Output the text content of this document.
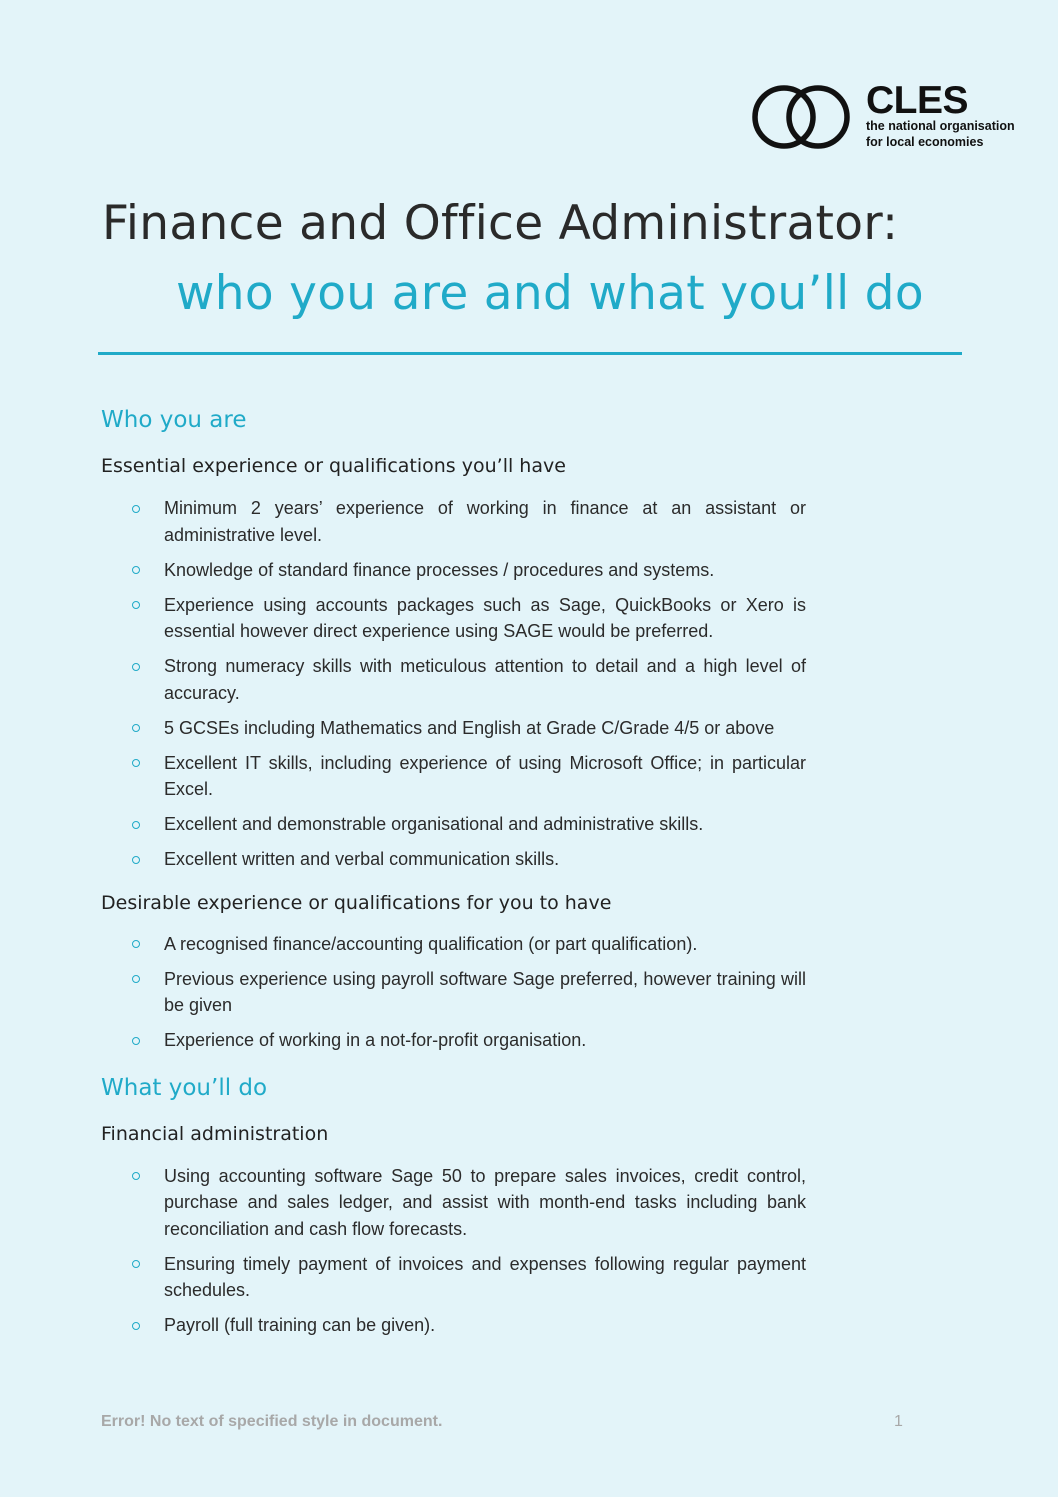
CLES
the national organisation
for local economies
Finance and Office Administrator:
who you are and what you’ll do
Who you are
Essential experience or qualifications you’ll have
Minimum 2 years’ experience of working in finance at an assistant or administrative level.
Knowledge of standard finance processes / procedures and systems.
Experience using accounts packages such as Sage, QuickBooks or Xero is essential however direct experience using SAGE would be preferred.
Strong numeracy skills with meticulous attention to detail and a high level of accuracy.
5 GCSEs including Mathematics and English at Grade C/Grade 4/5 or above
Excellent IT skills, including experience of using Microsoft Office; in particular Excel.
Excellent and demonstrable organisational and administrative skills.
Excellent written and verbal communication skills.
Desirable experience or qualifications for you to have
A recognised finance/accounting qualification (or part qualification).
Previous experience using payroll software Sage preferred, however training will be given
Experience of working in a not-for-profit organisation.
What you’ll do
Financial administration
Using accounting software Sage 50 to prepare sales invoices, credit control, purchase and sales ledger, and assist with month-end tasks including bank reconciliation and cash flow forecasts.
Ensuring timely payment of invoices and expenses following regular payment schedules.
Payroll (full training can be given).
Error! No text of specified style in document.	1
